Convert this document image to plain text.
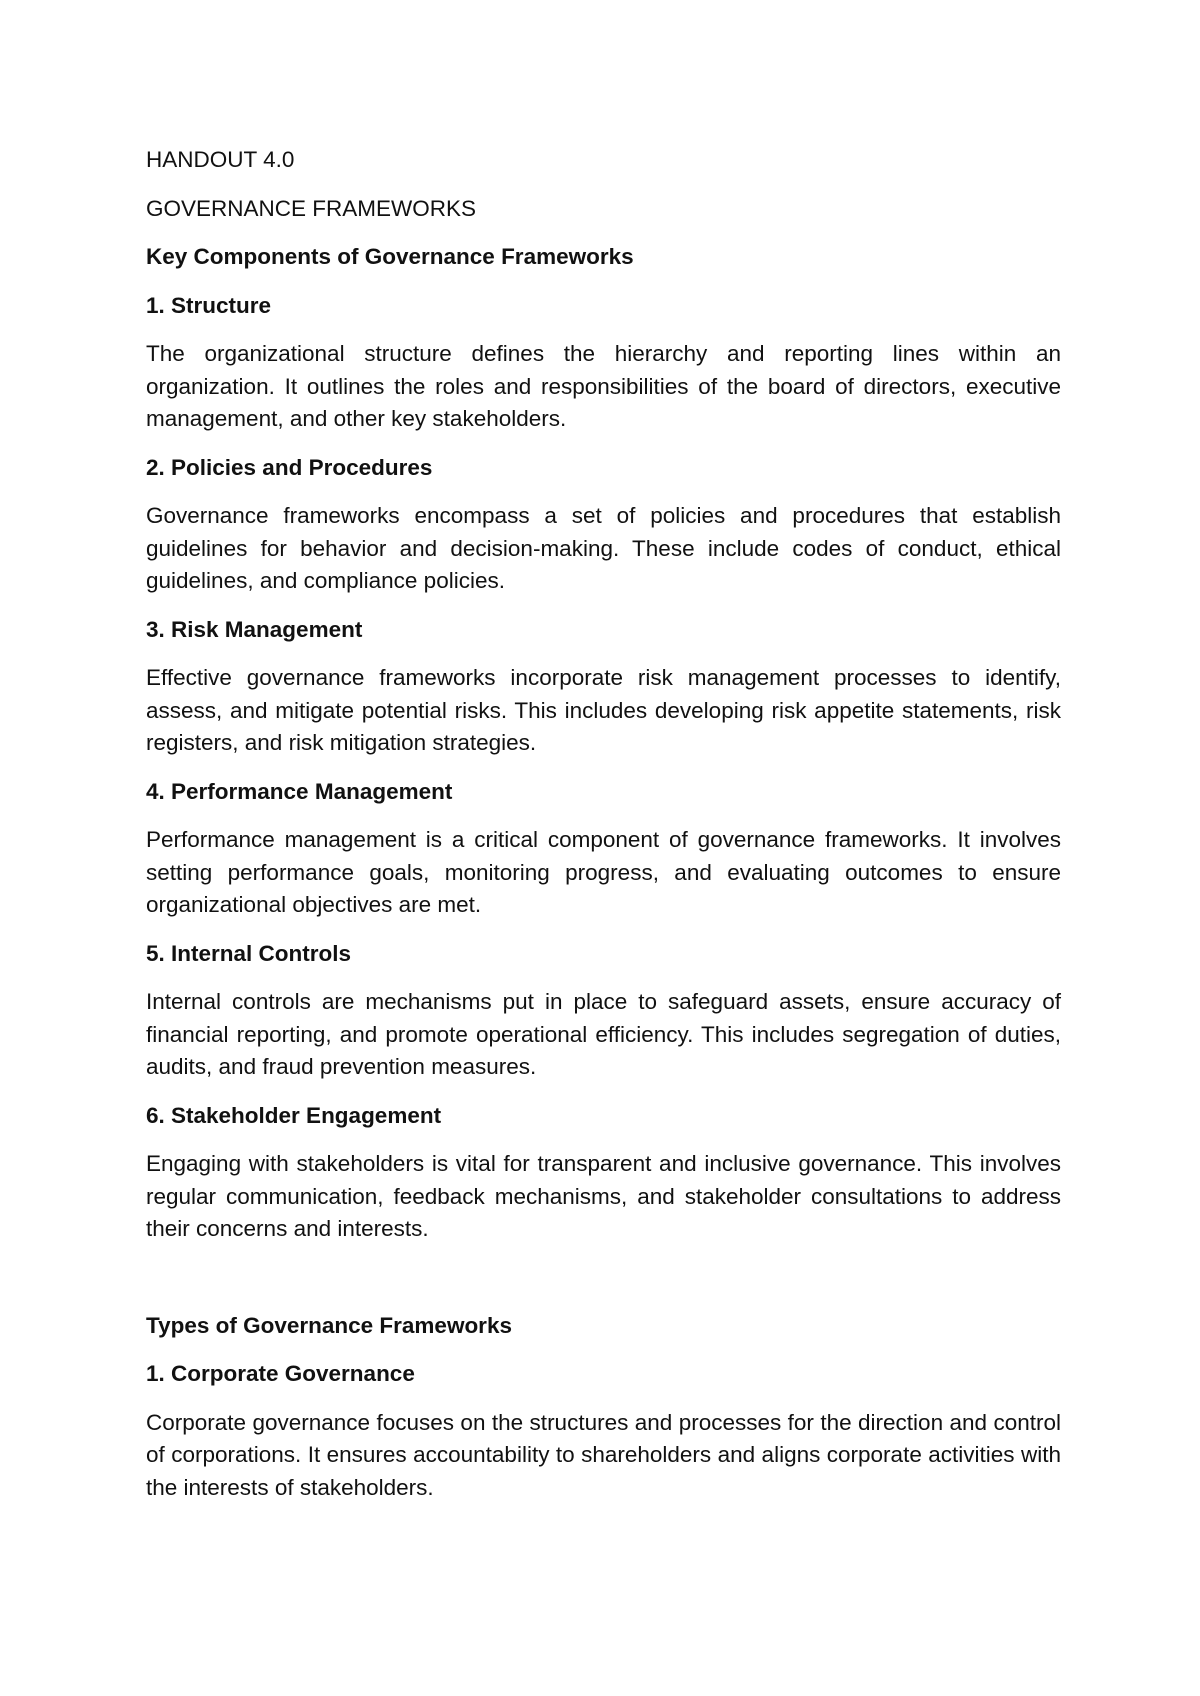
HANDOUT 4.0
GOVERNANCE FRAMEWORKS
Key Components of Governance Frameworks
1. Structure
The organizational structure defines the hierarchy and reporting lines within an organization. It outlines the roles and responsibilities of the board of directors, executive management, and other key stakeholders.
2. Policies and Procedures
Governance frameworks encompass a set of policies and procedures that establish guidelines for behavior and decision-making. These include codes of conduct, ethical guidelines, and compliance policies.
3. Risk Management
Effective governance frameworks incorporate risk management processes to identify, assess, and mitigate potential risks. This includes developing risk appetite statements, risk registers, and risk mitigation strategies.
4. Performance Management
Performance management is a critical component of governance frameworks. It involves setting performance goals, monitoring progress, and evaluating outcomes to ensure organizational objectives are met.
5. Internal Controls
Internal controls are mechanisms put in place to safeguard assets, ensure accuracy of financial reporting, and promote operational efficiency. This includes segregation of duties, audits, and fraud prevention measures.
6. Stakeholder Engagement
Engaging with stakeholders is vital for transparent and inclusive governance. This involves regular communication, feedback mechanisms, and stakeholder consultations to address their concerns and interests.
Types of Governance Frameworks
1. Corporate Governance
Corporate governance focuses on the structures and processes for the direction and control of corporations. It ensures accountability to shareholders and aligns corporate activities with the interests of stakeholders.
